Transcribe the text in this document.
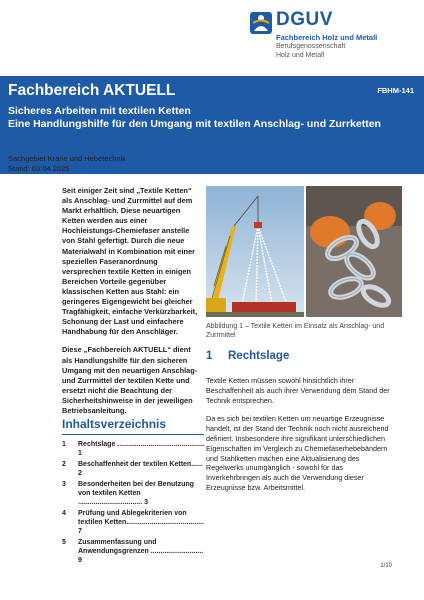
DGUV
Fachbereich Holz und Metall
Berufsgenossenschaft
Holz und Metall
Fachbereich AKTUELL	FBHM-141
Sicheres Arbeiten mit textilen Ketten
Eine Handlungshilfe für den Umgang mit textilen Anschlag- und Zurrketten
Sachgebiet Krane und Hebetechnik
Stand: 03.04.2025

Seit einiger Zeit sind „Textile Ketten“ als Anschlag- und Zurrmittel auf dem Markt erhältlich. Diese neuartigen Ketten werden aus einer Hochleistungs-Chemiefaser anstelle von Stahl gefertigt. Durch die neue Materialwahl in Kombination mit einer speziellen Faseranordnung versprechen textile Ketten in einigen Bereichen Vorteile gegenüber klassischen Ketten aus Stahl: ein geringeres Eigengewicht bei gleicher Tragfähigkeit, einfache Verkürzbarkeit, Schonung der Last und einfachere Handhabung für den Anschläger.

Diese „Fachbereich AKTUELL“ dient als Handlungshilfe für den sicheren Umgang mit den neuartigen Anschlag- und Zurrmittel der textilen Kette und ersetzt nicht die Beachtung der Sicherheitshinweise in der jeweiligen Betriebsanleitung.

Inhaltsverzeichnis
1	Rechtslage ............................................. 1
2	Beschaffenheit der textilen Ketten...... 2
3	Besonderheiten bei der Benutzung von textilen Ketten ................................. 3
4	Prüfung und Ablegekriterien von textilen Ketten........................................ 7
5	Zusammenfassung und Anwendungsgrenzen ........................... 9
Abbildung 1 – Textile Ketten im Einsatz als Anschlag- und Zurrmittel
1 Rechtslage

Textile Ketten müssen sowohl hinsichtlich ihrer Beschaffenheit als auch ihrer Verwendung dem Stand der Technik entsprechen.

Da es sich bei textilen Ketten um neuartige Erzeugnisse handelt, ist der Stand der Technik noch nicht ausreichend definiert. Insbesondere ihre signifikant unterschiedlichen Eigenschaften im Vergleich zu Chemiefaserhebebändern und Stahlketten machen eine Aktualisierung des Regelwerks unumgänglich - sowohl für das Inverkehrbringen als auch die Verwendung dieser Erzeugnisse bzw. Arbeitsmittel.

1/10
